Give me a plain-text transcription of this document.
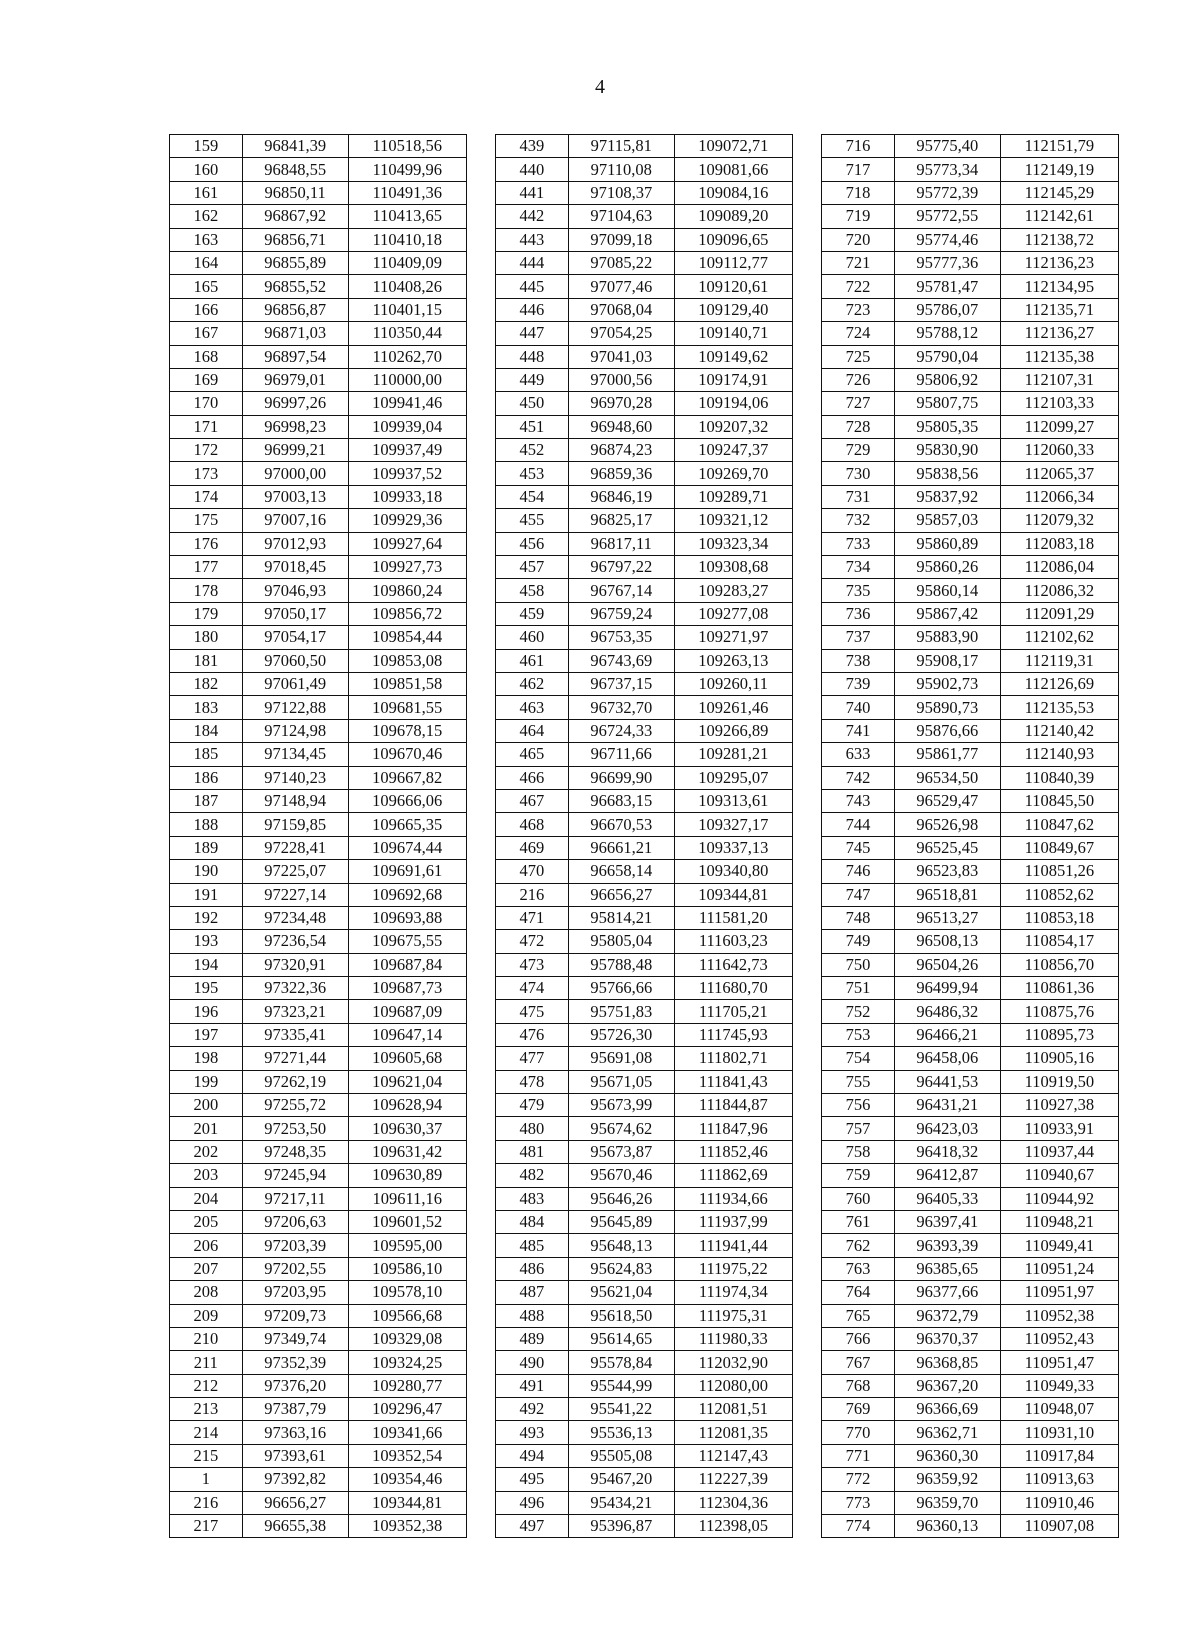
4
159	96841,39	110518,56		439	97115,81	109072,71		716	95775,40	112151,79
160	96848,55	110499,96		440	97110,08	109081,66		717	95773,34	112149,19
161	96850,11	110491,36		441	97108,37	109084,16		718	95772,39	112145,29
162	96867,92	110413,65		442	97104,63	109089,20		719	95772,55	112142,61
163	96856,71	110410,18		443	97099,18	109096,65		720	95774,46	112138,72
164	96855,89	110409,09		444	97085,22	109112,77		721	95777,36	112136,23
165	96855,52	110408,26		445	97077,46	109120,61		722	95781,47	112134,95
166	96856,87	110401,15		446	97068,04	109129,40		723	95786,07	112135,71
167	96871,03	110350,44		447	97054,25	109140,71		724	95788,12	112136,27
168	96897,54	110262,70		448	97041,03	109149,62		725	95790,04	112135,38
169	96979,01	110000,00		449	97000,56	109174,91		726	95806,92	112107,31
170	96997,26	109941,46		450	96970,28	109194,06		727	95807,75	112103,33
171	96998,23	109939,04		451	96948,60	109207,32		728	95805,35	112099,27
172	96999,21	109937,49		452	96874,23	109247,37		729	95830,90	112060,33
173	97000,00	109937,52		453	96859,36	109269,70		730	95838,56	112065,37
174	97003,13	109933,18		454	96846,19	109289,71		731	95837,92	112066,34
175	97007,16	109929,36		455	96825,17	109321,12		732	95857,03	112079,32
176	97012,93	109927,64		456	96817,11	109323,34		733	95860,89	112083,18
177	97018,45	109927,73		457	96797,22	109308,68		734	95860,26	112086,04
178	97046,93	109860,24		458	96767,14	109283,27		735	95860,14	112086,32
179	97050,17	109856,72		459	96759,24	109277,08		736	95867,42	112091,29
180	97054,17	109854,44		460	96753,35	109271,97		737	95883,90	112102,62
181	97060,50	109853,08		461	96743,69	109263,13		738	95908,17	112119,31
182	97061,49	109851,58		462	96737,15	109260,11		739	95902,73	112126,69
183	97122,88	109681,55		463	96732,70	109261,46		740	95890,73	112135,53
184	97124,98	109678,15		464	96724,33	109266,89		741	95876,66	112140,42
185	97134,45	109670,46		465	96711,66	109281,21		633	95861,77	112140,93
186	97140,23	109667,82		466	96699,90	109295,07		742	96534,50	110840,39
187	97148,94	109666,06		467	96683,15	109313,61		743	96529,47	110845,50
188	97159,85	109665,35		468	96670,53	109327,17		744	96526,98	110847,62
189	97228,41	109674,44		469	96661,21	109337,13		745	96525,45	110849,67
190	97225,07	109691,61		470	96658,14	109340,80		746	96523,83	110851,26
191	97227,14	109692,68		216	96656,27	109344,81		747	96518,81	110852,62
192	97234,48	109693,88		471	95814,21	111581,20		748	96513,27	110853,18
193	97236,54	109675,55		472	95805,04	111603,23		749	96508,13	110854,17
194	97320,91	109687,84		473	95788,48	111642,73		750	96504,26	110856,70
195	97322,36	109687,73		474	95766,66	111680,70		751	96499,94	110861,36
196	97323,21	109687,09		475	95751,83	111705,21		752	96486,32	110875,76
197	97335,41	109647,14		476	95726,30	111745,93		753	96466,21	110895,73
198	97271,44	109605,68		477	95691,08	111802,71		754	96458,06	110905,16
199	97262,19	109621,04		478	95671,05	111841,43		755	96441,53	110919,50
200	97255,72	109628,94		479	95673,99	111844,87		756	96431,21	110927,38
201	97253,50	109630,37		480	95674,62	111847,96		757	96423,03	110933,91
202	97248,35	109631,42		481	95673,87	111852,46		758	96418,32	110937,44
203	97245,94	109630,89		482	95670,46	111862,69		759	96412,87	110940,67
204	97217,11	109611,16		483	95646,26	111934,66		760	96405,33	110944,92
205	97206,63	109601,52		484	95645,89	111937,99		761	96397,41	110948,21
206	97203,39	109595,00		485	95648,13	111941,44		762	96393,39	110949,41
207	97202,55	109586,10		486	95624,83	111975,22		763	96385,65	110951,24
208	97203,95	109578,10		487	95621,04	111974,34		764	96377,66	110951,97
209	97209,73	109566,68		488	95618,50	111975,31		765	96372,79	110952,38
210	97349,74	109329,08		489	95614,65	111980,33		766	96370,37	110952,43
211	97352,39	109324,25		490	95578,84	112032,90		767	96368,85	110951,47
212	97376,20	109280,77		491	95544,99	112080,00		768	96367,20	110949,33
213	97387,79	109296,47		492	95541,22	112081,51		769	96366,69	110948,07
214	97363,16	109341,66		493	95536,13	112081,35		770	96362,71	110931,10
215	97393,61	109352,54		494	95505,08	112147,43		771	96360,30	110917,84
1	97392,82	109354,46		495	95467,20	112227,39		772	96359,92	110913,63
216	96656,27	109344,81		496	95434,21	112304,36		773	96359,70	110910,46
217	96655,38	109352,38		497	95396,87	112398,05		774	96360,13	110907,08
